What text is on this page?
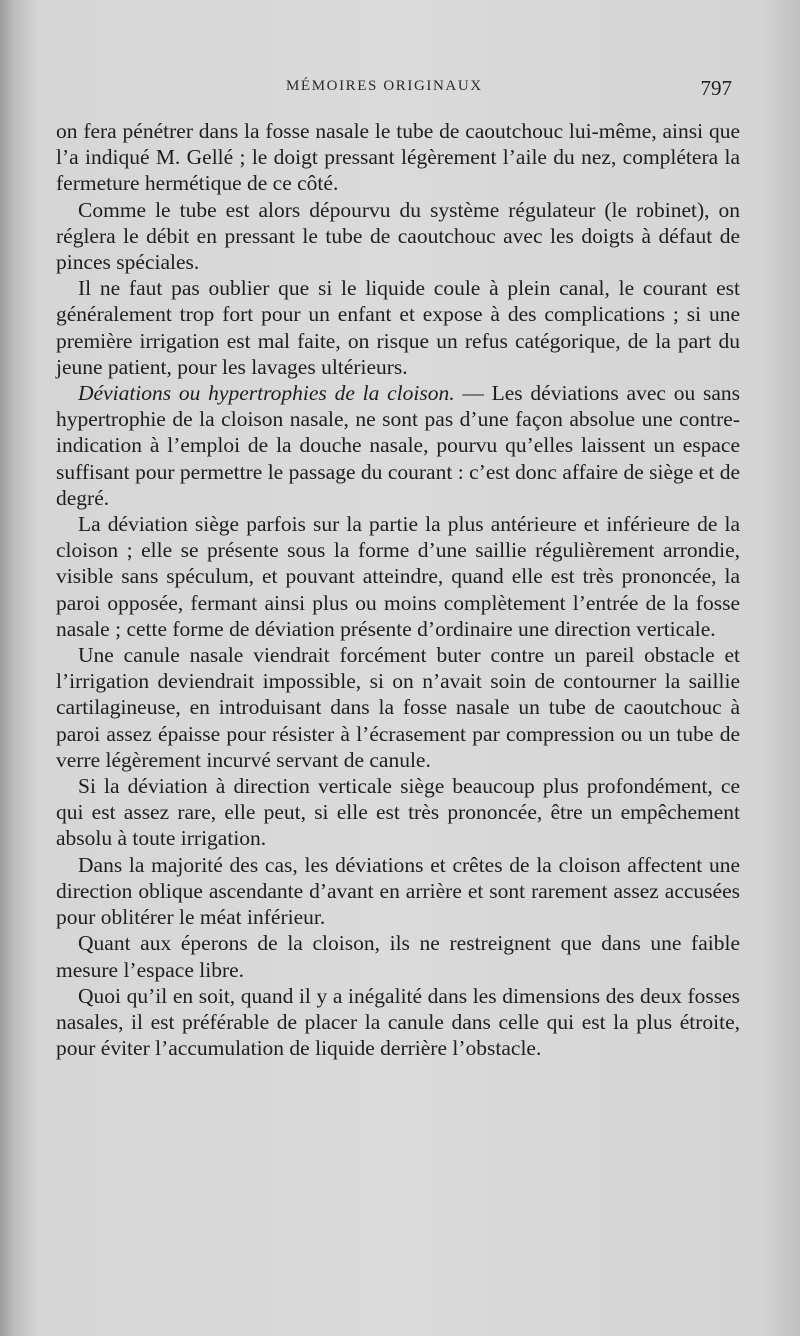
MÉMOIRES ORIGINAUX	797

on fera pénétrer dans la fosse nasale le tube de caoutchouc lui-même, ainsi que l’a indiqué M. Gellé ; le doigt pressant légèrement l’aile du nez, complétera la fermeture hermétique de ce côté.

Comme le tube est alors dépourvu du système régulateur (le robinet), on réglera le débit en pressant le tube de caoutchouc avec les doigts à défaut de pinces spéciales.

Il ne faut pas oublier que si le liquide coule à plein canal, le courant est généralement trop fort pour un enfant et expose à des complications ; si une première irrigation est mal faite, on risque un refus catégorique, de la part du jeune patient, pour les lavages ultérieurs.

Déviations ou hypertrophies de la cloison. — Les déviations avec ou sans hypertrophie de la cloison nasale, ne sont pas d’une façon absolue une contre-indication à l’emploi de la douche nasale, pourvu qu’elles laissent un espace suffisant pour permettre le passage du courant : c’est donc affaire de siège et de degré.

La déviation siège parfois sur la partie la plus antérieure et inférieure de la cloison ; elle se présente sous la forme d’une saillie régulièrement arrondie, visible sans spéculum, et pouvant atteindre, quand elle est très prononcée, la paroi opposée, fermant ainsi plus ou moins complètement l’entrée de la fosse nasale ; cette forme de déviation présente d’ordinaire une direction verticale.

Une canule nasale viendrait forcément buter contre un pareil obstacle et l’irrigation deviendrait impossible, si on n’avait soin de contourner la saillie cartilagineuse, en introduisant dans la fosse nasale un tube de caoutchouc à paroi assez épaisse pour résister à l’écrasement par compression ou un tube de verre légèrement incurvé servant de canule.

Si la déviation à direction verticale siège beaucoup plus profondément, ce qui est assez rare, elle peut, si elle est très prononcée, être un empêchement absolu à toute irrigation.

Dans la majorité des cas, les déviations et crêtes de la cloison affectent une direction oblique ascendante d’avant en arrière et sont rarement assez accusées pour oblitérer le méat inférieur.

Quant aux éperons de la cloison, ils ne restreignent que dans une faible mesure l’espace libre.

Quoi qu’il en soit, quand il y a inégalité dans les dimensions des deux fosses nasales, il est préférable de placer la canule dans celle qui est la plus étroite, pour éviter l’accumulation de liquide derrière l’obstacle.
